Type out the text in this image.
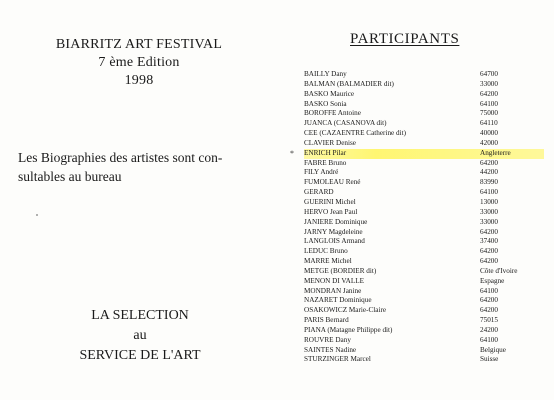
BIARRITZ ART FESTIVAL
7 ème Edition
1998
Les Biographies des artistes sont con-
sultables au bureau
LA SELECTION
au
SERVICE DE L'ART
PARTICIPANTS
BAILLY Dany	64700
BALMAN (BALMADIER dit)	33000
BASKO Maurice	64200
BASKO Sonia	64100
BOROFFE Antoine	75000
JUANCA (CASANOVA dit)	64110
CEE (CAZAENTRE Catherine dit)	40000
CLAVIER Denise	42000
* ENRICH Pilar	Angleterre
FABRE Bruno	64200
FILY André	44200
FUMOLEAU René	83990
GERARD	64100
GUERINI Michel	13000
HERVO Jean Paul	33000
JANIERE Dominique	33000
JARNY Magdeleine	64200
LANGLOIS Armand	37400
LEDUC Bruno	64200
MARRE Michel	64200
METGE (BORDIER dit)	Côte d'Ivoire
MENON DI VALLE	Espagne
MONDRAN Janine	64100
NAZARET Dominique	64200
OSAKOWICZ Marie-Claire	64200
PARIS Bernard	75015
PIANA (Matagne Philippe dit)	24200
ROUVRE Dany	64100
SAINTES Nadine	Belgique
STURZINGER Marcel	Suisse
